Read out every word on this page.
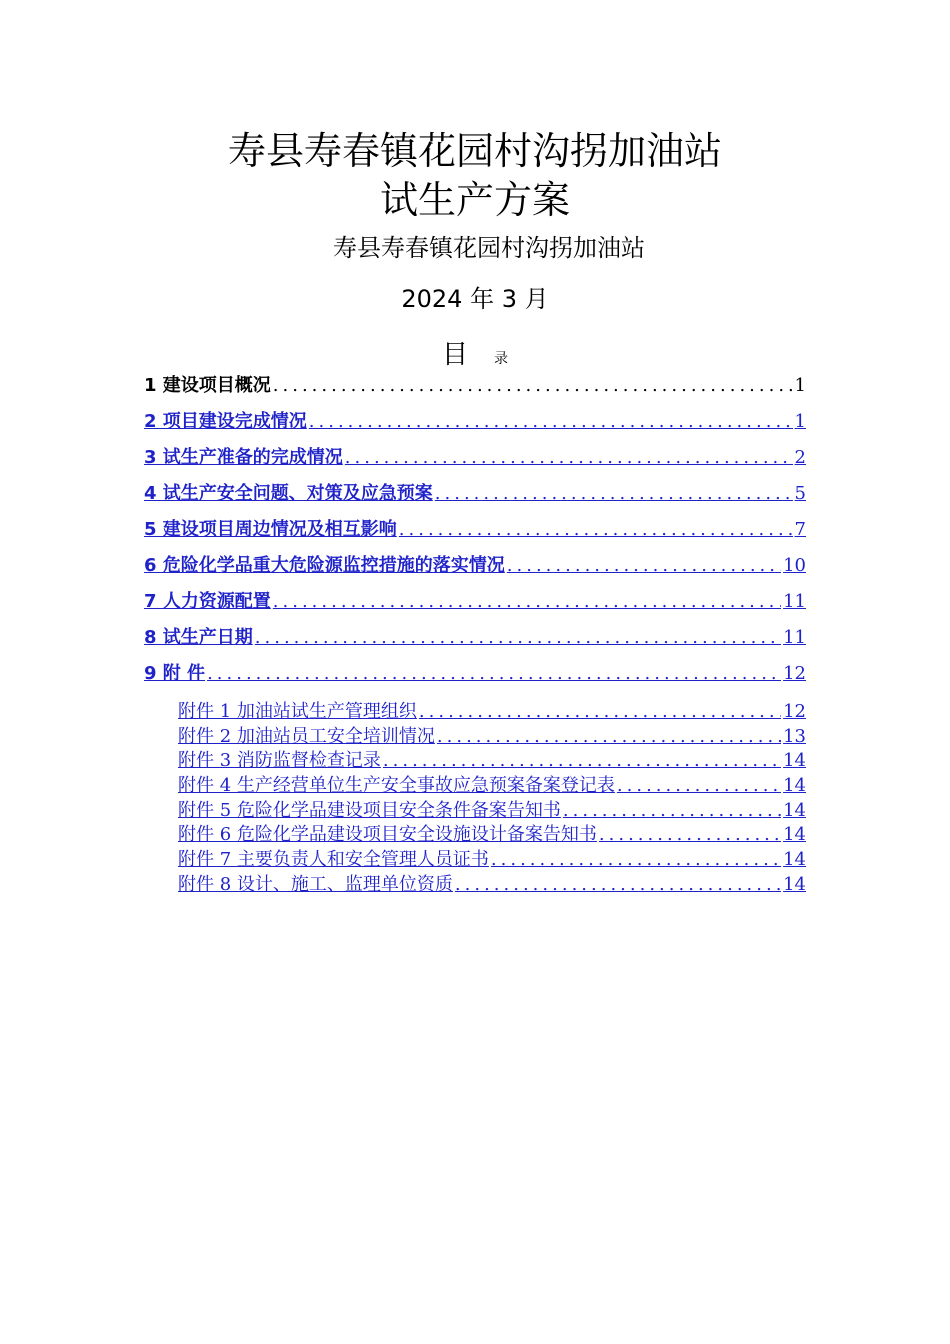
寿县寿春镇花园村沟拐加油站
试生产方案
寿县寿春镇花园村沟拐加油站
2024 年 3 月
目 录
1 建设项目概况 .....	1
2 项目建设完成情况 .....	1
3 试生产准备的完成情况 .....	2
4 试生产安全问题、对策及应急预案 .....	5
5 建设项目周边情况及相互影响 .....	7
6 危险化学品重大危险源监控措施的落实情况 .....	10
7 人力资源配置 .....	11
8 试生产日期 .....	11
9 附 件 .....	12
附件 1 加油站试生产管理组织 .....	12
附件 2 加油站员工安全培训情况 .....	13
附件 3 消防监督检查记录 .....	14
附件 4 生产经营单位生产安全事故应急预案备案登记表 .....	14
附件 5 危险化学品建设项目安全条件备案告知书 .....	14
附件 6 危险化学品建设项目安全设施设计备案告知书 .....	14
附件 7 主要负责人和安全管理人员证书 .....	14
附件 8 设计、施工、监理单位资质 .....	14
